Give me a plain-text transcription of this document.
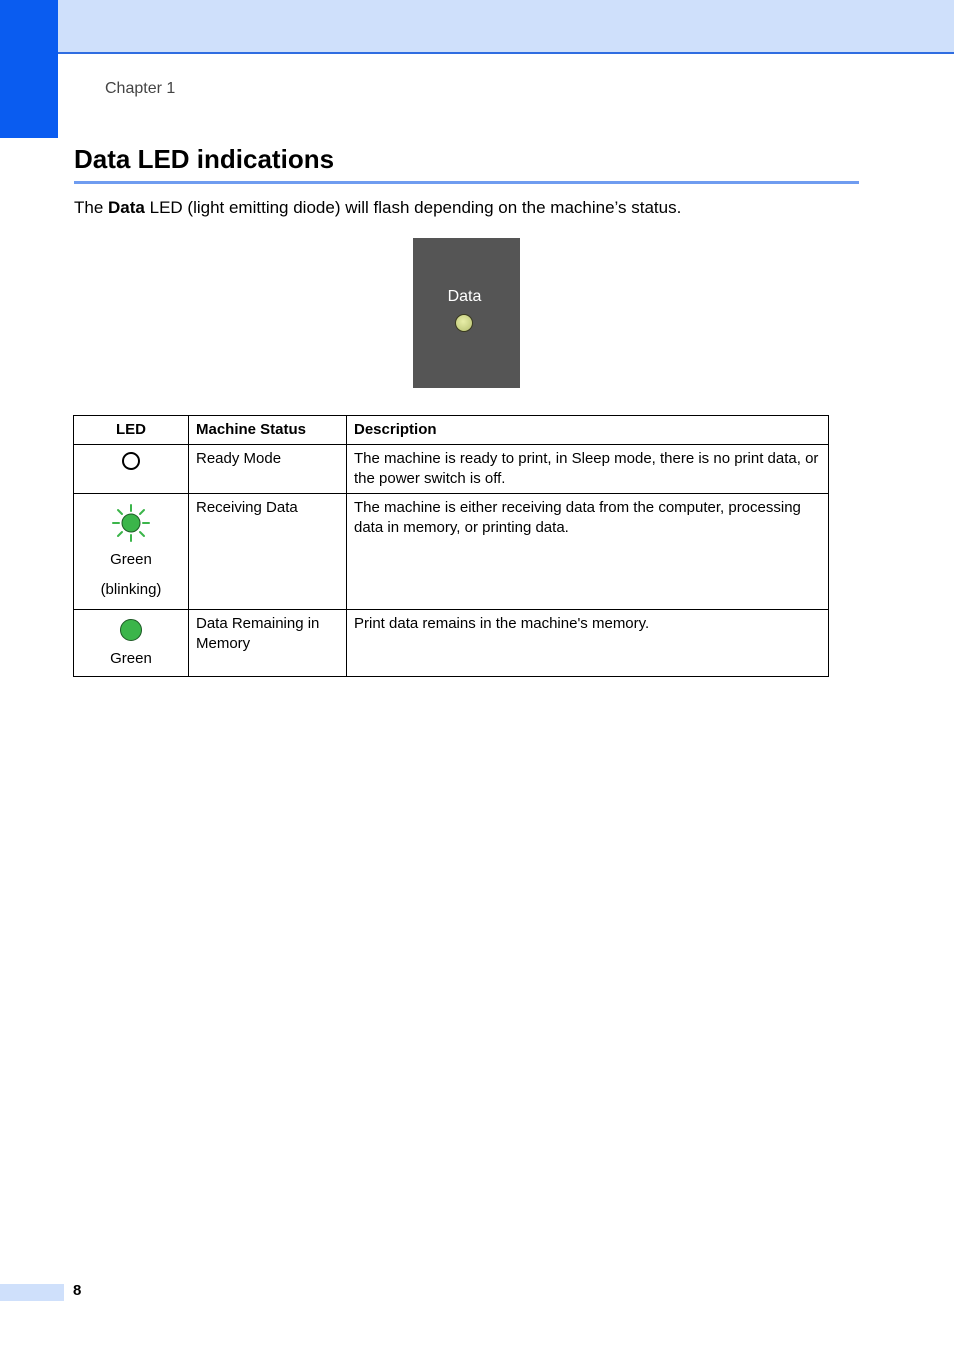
Chapter 1
Data LED indications

The Data LED (light emitting diode) will flash depending on the machine’s status.

Data
LED	Machine Status	Description

	Ready Mode	The machine is ready to print, in Sleep mode, there is no print data, or the power switch is off.

Green
(blinking)	Receiving Data	The machine is either receiving data from the computer, processing data in memory, or printing data.

Green	Data Remaining in Memory	Print data remains in the machine's memory.
8
